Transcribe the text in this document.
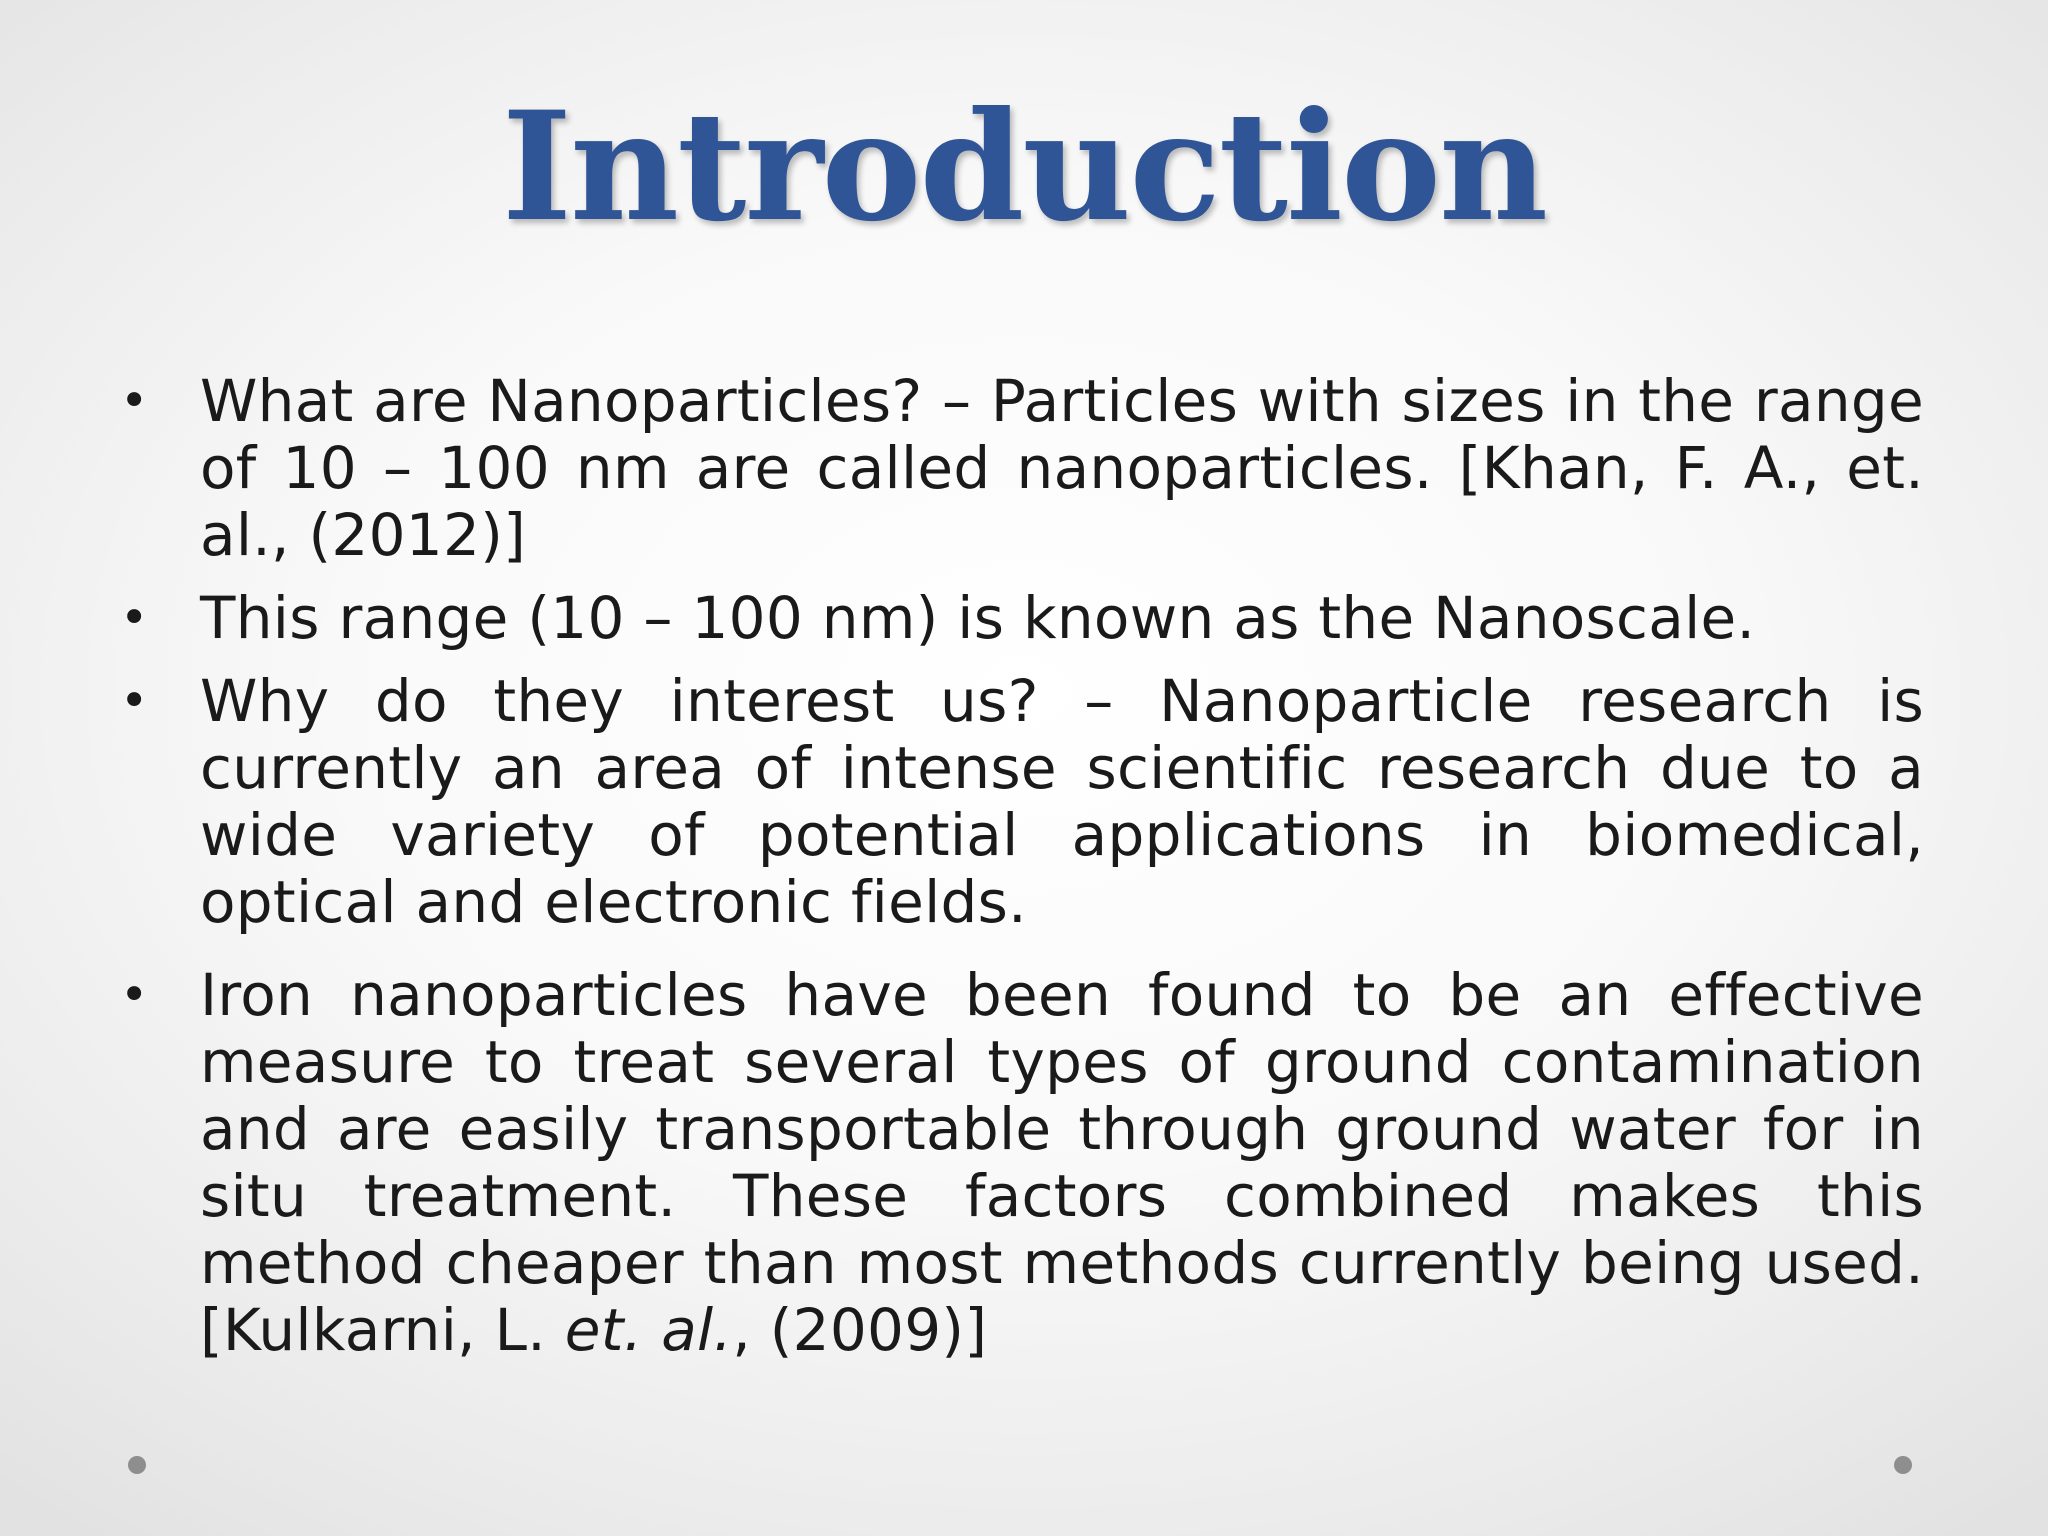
Introduction
• What are Nanoparticles? – Particles with sizes in the range of 10 – 100 nm are called nanoparticles. [Khan, F. A., et. al., (2012)]
• This range (10 – 100 nm) is known as the Nanoscale.
• Why do they interest us? – Nanoparticle research is currently an area of intense scientific research due to a wide variety of potential applications in biomedical, optical and electronic fields.
• Iron nanoparticles have been found to be an effective measure to treat several types of ground contamination and are easily transportable through ground water for in situ treatment. These factors combined makes this method cheaper than most methods currently being used. [Kulkarni, L. et. al., (2009)]
